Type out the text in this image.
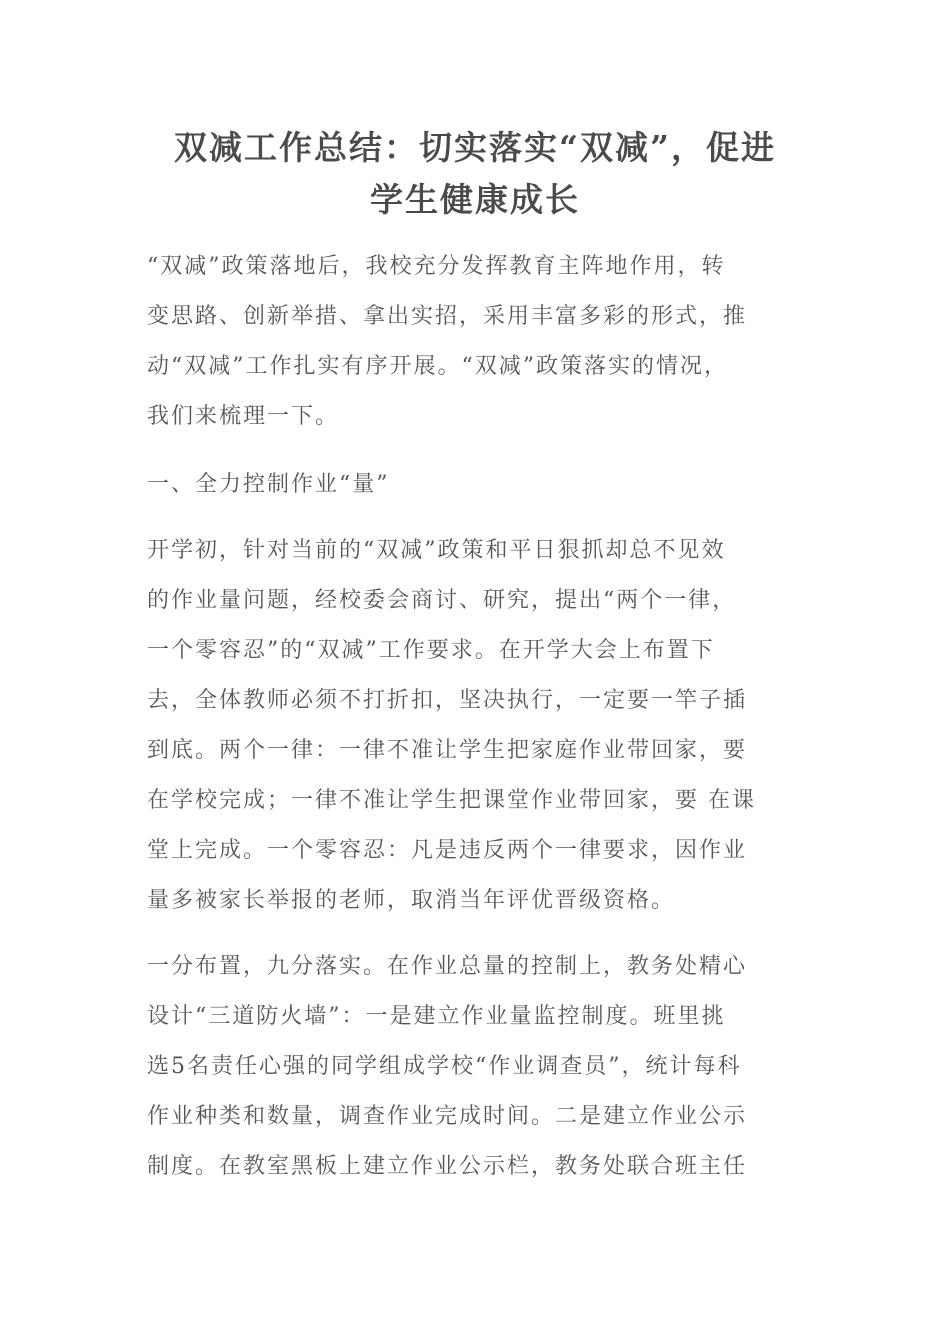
双减工作总结：切实落实“双减”，促进
学生健康成长

“双减”政策落地后，我校充分发挥教育主阵地作用，转
变思路、创新举措、拿出实招，采用丰富多彩的形式，推
动“双减”工作扎实有序开展。“双减”政策落实的情况，
我们来梳理一下。

一、全力控制作业“量”

开学初，针对当前的“双减”政策和平日狠抓却总不见效
的作业量问题，经校委会商讨、研究，提出“两个一律，
一个零容忍”的“双减”工作要求。在开学大会上布置下
去，全体教师必须不打折扣，坚决执行，一定要一竿子插
到底。两个一律：一律不准让学生把家庭作业带回家，要
在学校完成；一律不准让学生把课堂作业带回家，要 在课
堂上完成。一个零容忍：凡是违反两个一律要求，因作业
量多被家长举报的老师，取消当年评优晋级资格。

一分布置，九分落实。在作业总量的控制上，教务处精心
设计“三道防火墙”：一是建立作业量监控制度。班里挑
选5名责任心强的同学组成学校“作业调查员”，统计每科
作业种类和数量，调查作业完成时间。二是建立作业公示
制度。在教室黑板上建立作业公示栏，教务处联合班主任
